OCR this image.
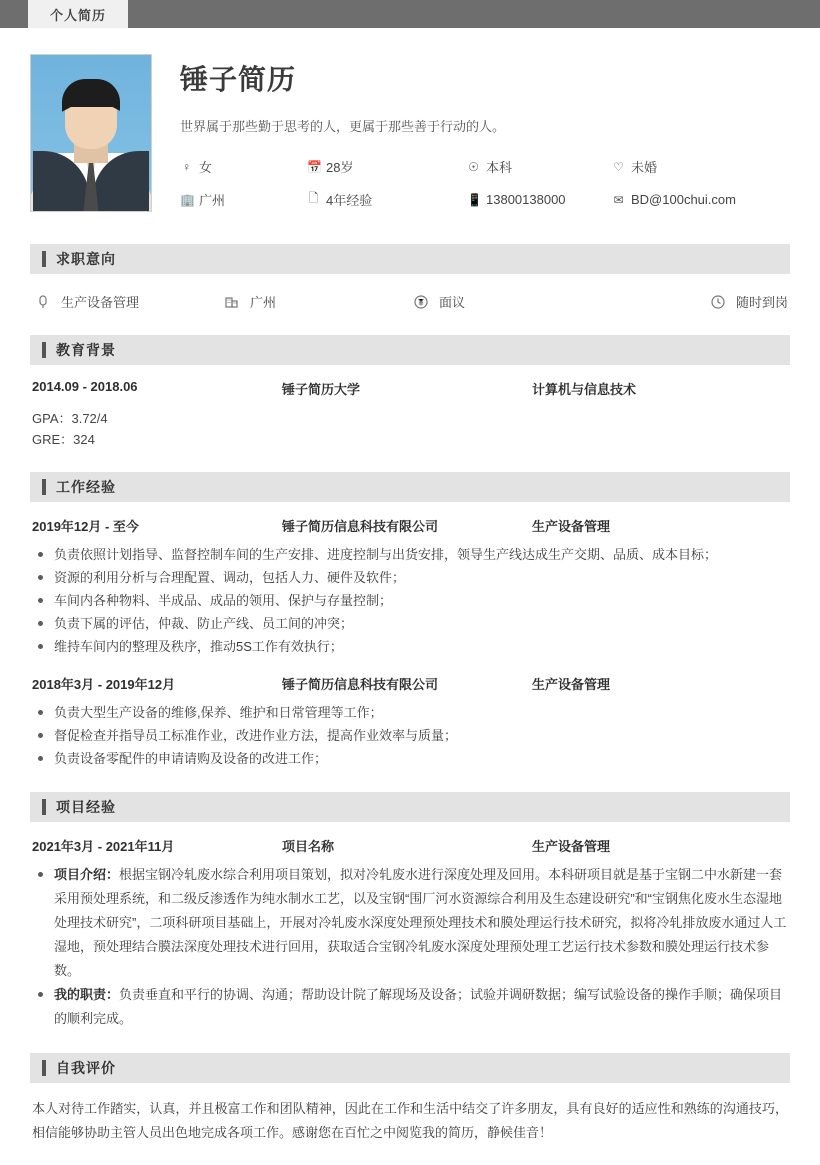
个人简历
锤子简历
世界属于那些勤于思考的人，更属于那些善于行动的人。
♀ 女	📅 28岁	☉ 本科	♡ 未婚
🏢 广州	🗋 4年经验	📱 13800138000	✉ BD@100chui.com
求职意向
生产设备管理	广州	面议	随时到岗
教育背景
2014.09 - 2018.06	锤子简历大学	计算机与信息技术
GPA：3.72/4
GRE：324
工作经验
2019年12月 - 至今	锤子简历信息科技有限公司	生产设备管理
负责依照计划指导、监督控制车间的生产安排、进度控制与出货安排，领导生产线达成生产交期、品质、成本目标；
资源的利用分析与合理配置、调动，包括人力、硬件及软件；
车间内各种物料、半成品、成品的领用、保护与存量控制；
负责下属的评估，仲裁、防止产线、员工间的冲突；
维持车间内的整理及秩序，推动5S工作有效执行；
2018年3月 - 2019年12月	锤子简历信息科技有限公司	生产设备管理
负责大型生产设备的维修,保养、维护和日常管理等工作；
督促检查并指导员工标准作业，改进作业方法，提高作业效率与质量；
负责设备零配件的申请请购及设备的改进工作；
项目经验
2021年3月 - 2021年11月	项目名称	生产设备管理
项目介绍：根据宝钢冷轧废水综合利用项目策划，拟对冷轧废水进行深度处理及回用。本科研项目就是基于宝钢二中水新建一套采用预处理系统，和二级反渗透作为纯水制水工艺，以及宝钢“围厂河水资源综合利用及生态建设研究”和“宝钢焦化废水生态湿地处理技术研究”，二项科研项目基础上，开展对冷轧废水深度处理预处理技术和膜处理运行技术研究，拟将冷轧排放废水通过人工湿地，预处理结合膜法深度处理技术进行回用，获取适合宝钢冷轧废水深度处理预处理工艺运行技术参数和膜处理运行技术参数。
我的职责：负责垂直和平行的协调、沟通；帮助设计院了解现场及设备；试验并调研数据；编写试验设备的操作手顺；确保项目的顺利完成。
自我评价
本人对待工作踏实，认真，并且极富工作和团队精神，因此在工作和生活中结交了许多朋友，具有良好的适应性和熟练的沟通技巧，相信能够协助主管人员出色地完成各项工作。感谢您在百忙之中阅览我的简历，静候佳音！
